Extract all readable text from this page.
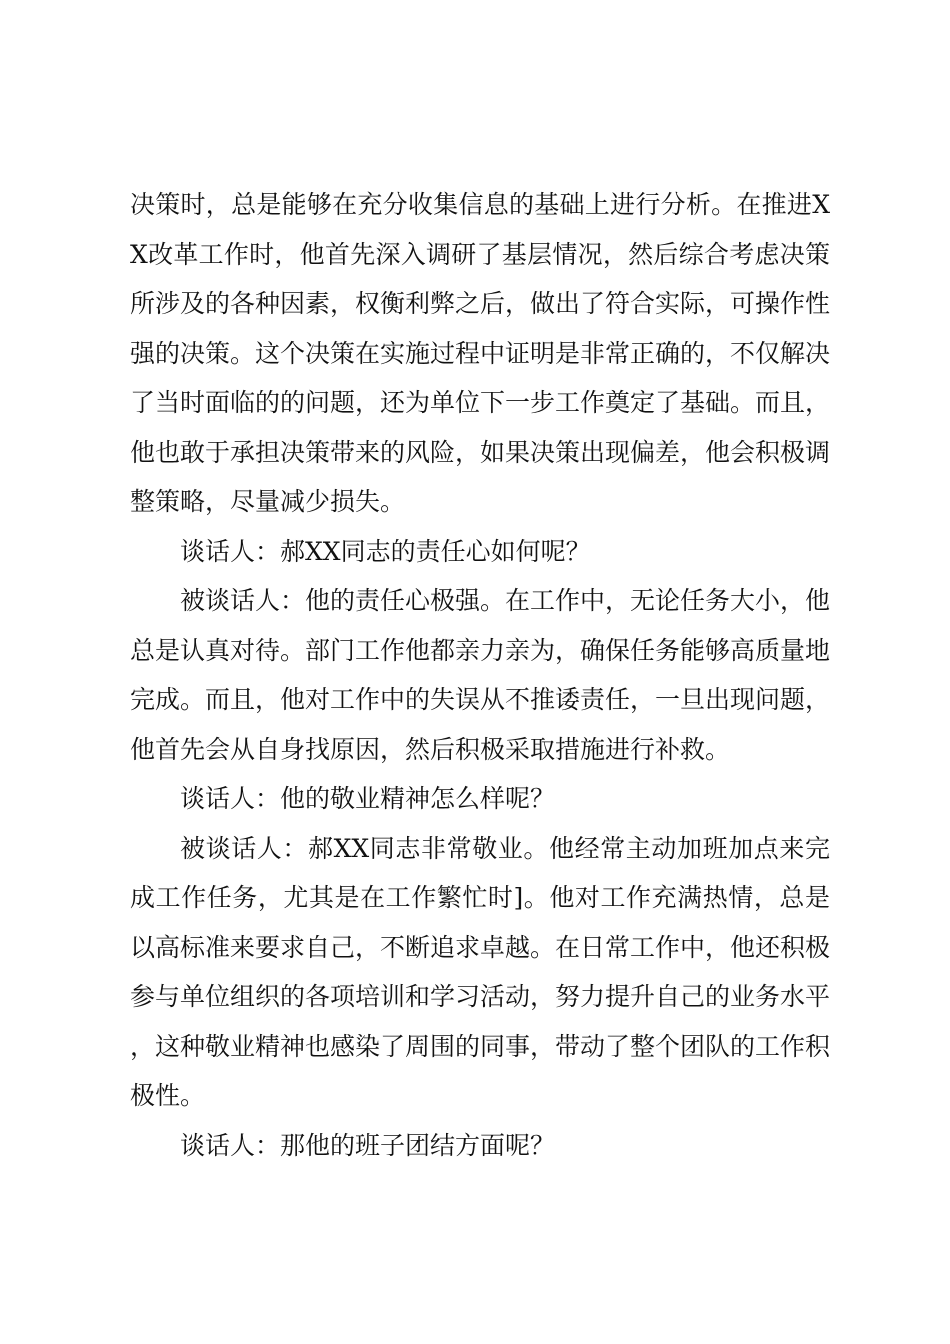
决策时，总是能够在充分收集信息的基础上进行分析。在推进XX改革工作时，他首先深入调研了基层情况，然后综合考虑决策所涉及的各种因素，权衡利弊之后，做出了符合实际，可操作性强的决策。这个决策在实施过程中证明是非常正确的，不仅解决了当时面临的的问题，还为单位下一步工作奠定了基础。而且，他也敢于承担决策带来的风险，如果决策出现偏差，他会积极调整策略，尽量减少损失。

谈话人：郝XX同志的责任心如何呢？

被谈话人：他的责任心极强。在工作中，无论任务大小，他总是认真对待。部门工作他都亲力亲为，确保任务能够高质量地完成。而且，他对工作中的失误从不推诿责任，一旦出现问题，他首先会从自身找原因，然后积极采取措施进行补救。

谈话人：他的敬业精神怎么样呢？

被谈话人：郝XX同志非常敬业。他经常主动加班加点来完成工作任务，尤其是在工作繁忙时]。他对工作充满热情，总是以高标准来要求自己，不断追求卓越。在日常工作中，他还积极参与单位组织的各项培训和学习活动，努力提升自己的业务水平，这种敬业精神也感染了周围的同事，带动了整个团队的工作积极性。

谈话人：那他的班子团结方面呢？
